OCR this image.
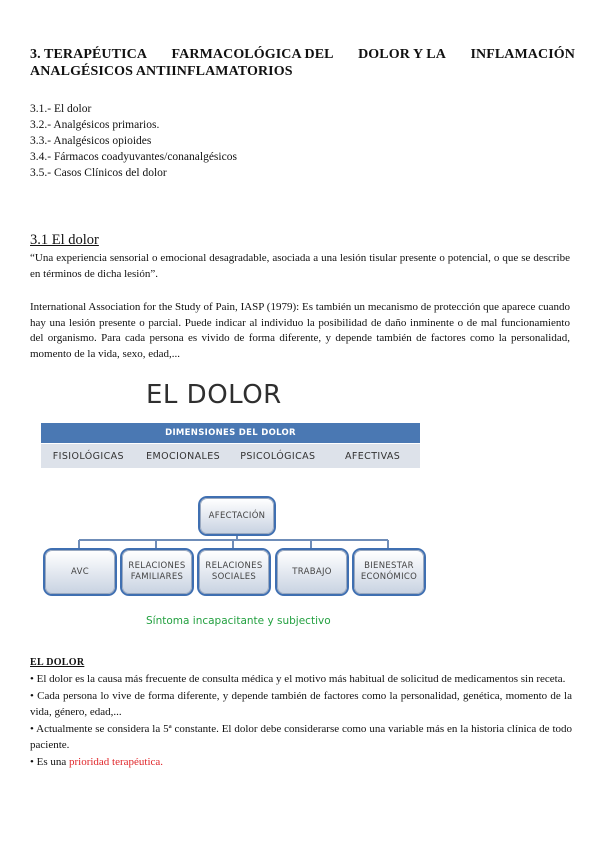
3. TERAPÉUTICA FARMACOLÓGICA DEL DOLOR Y LA INFLAMACIÓN
ANALGÉSICOS ANTIINFLAMATORIOS
3.1.- El dolor
3.2.- Analgésicos primarios.
3.3.- Analgésicos opioides
3.4.- Fármacos coadyuvantes/conanalgésicos
3.5.- Casos Clínicos del dolor
3.1 El dolor
“Una experiencia sensorial o emocional desagradable, asociada a una lesión tisular presente o potencial, o que se describe en términos de dicha lesión”.
International Association for the Study of Pain, IASP (1979): Es también un mecanismo de protección que aparece cuando hay una lesión presente o parcial. Puede indicar al individuo la posibilidad de daño inminente o de mal funcionamiento del organismo. Para cada persona es vivido de forma diferente, y depende también de factores como la personalidad, momento de la vida, sexo, edad,...
EL DOLOR
DIMENSIONES DEL DOLOR
FISIOLÓGICAS	EMOCIONALES	PSICOLÓGICAS	AFECTIVAS
AFECTACIÓN
AVC
RELACIONES FAMILIARES
RELACIONES SOCIALES
TRABAJO
BIENESTAR ECONÓMICO
Síntoma incapacitante y subjectivo
EL DOLOR

• El dolor es la causa más frecuente de consulta médica y el motivo más habitual de solicitud de medicamentos sin receta.

• Cada persona lo vive de forma diferente, y depende también de factores como la personalidad, genética, momento de la vida, género, edad,...

• Actualmente se considera la 5ª constante. El dolor debe considerarse como una variable más en la historia clínica de todo paciente.

• Es una prioridad terapéutica.
